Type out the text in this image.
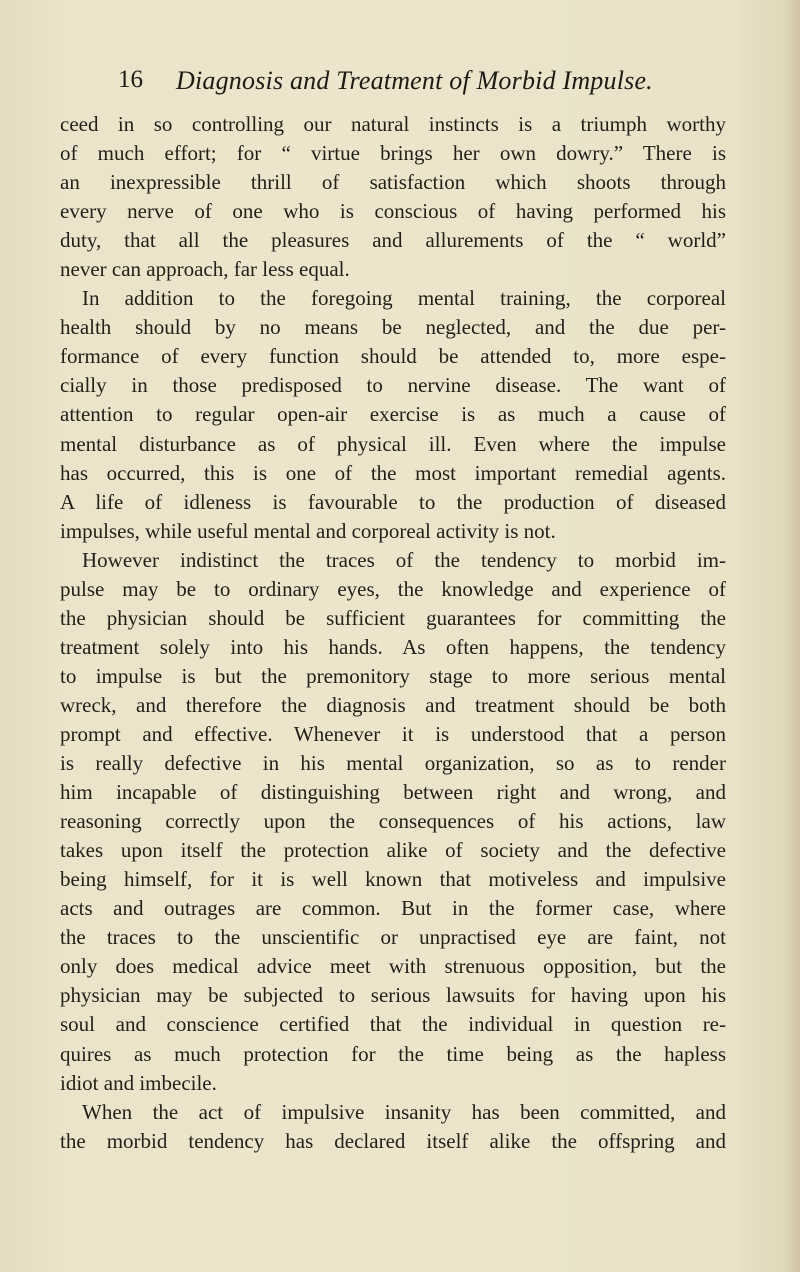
16 Diagnosis and Treatment of Morbid Impulse.
ceed in so controlling our natural instincts is a triumph worthy
of much effort; for “ virtue brings her own dowry.” There is
an inexpressible thrill of satisfaction which shoots through
every nerve of one who is conscious of having performed his
duty, that all the pleasures and allurements of the “ world”
never can approach, far less equal.
In addition to the foregoing mental training, the corporeal
health should by no means be neglected, and the due per-
formance of every function should be attended to, more espe-
cially in those predisposed to nervine disease. The want of
attention to regular open-air exercise is as much a cause of
mental disturbance as of physical ill. Even where the impulse
has occurred, this is one of the most important remedial agents.
A life of idleness is favourable to the production of diseased
impulses, while useful mental and corporeal activity is not.
However indistinct the traces of the tendency to morbid im-
pulse may be to ordinary eyes, the knowledge and experience of
the physician should be sufficient guarantees for committing the
treatment solely into his hands. As often happens, the tendency
to impulse is but the premonitory stage to more serious mental
wreck, and therefore the diagnosis and treatment should be both
prompt and effective. Whenever it is understood that a person
is really defective in his mental organization, so as to render
him incapable of distinguishing between right and wrong, and
reasoning correctly upon the consequences of his actions, law
takes upon itself the protection alike of society and the defective
being himself, for it is well known that motiveless and impulsive
acts and outrages are common. But in the former case, where
the traces to the unscientific or unpractised eye are faint, not
only does medical advice meet with strenuous opposition, but the
physician may be subjected to serious lawsuits for having upon his
soul and conscience certified that the individual in question re-
quires as much protection for the time being as the hapless
idiot and imbecile.
When the act of impulsive insanity has been committed, and
the morbid tendency has declared itself alike the offspring and
